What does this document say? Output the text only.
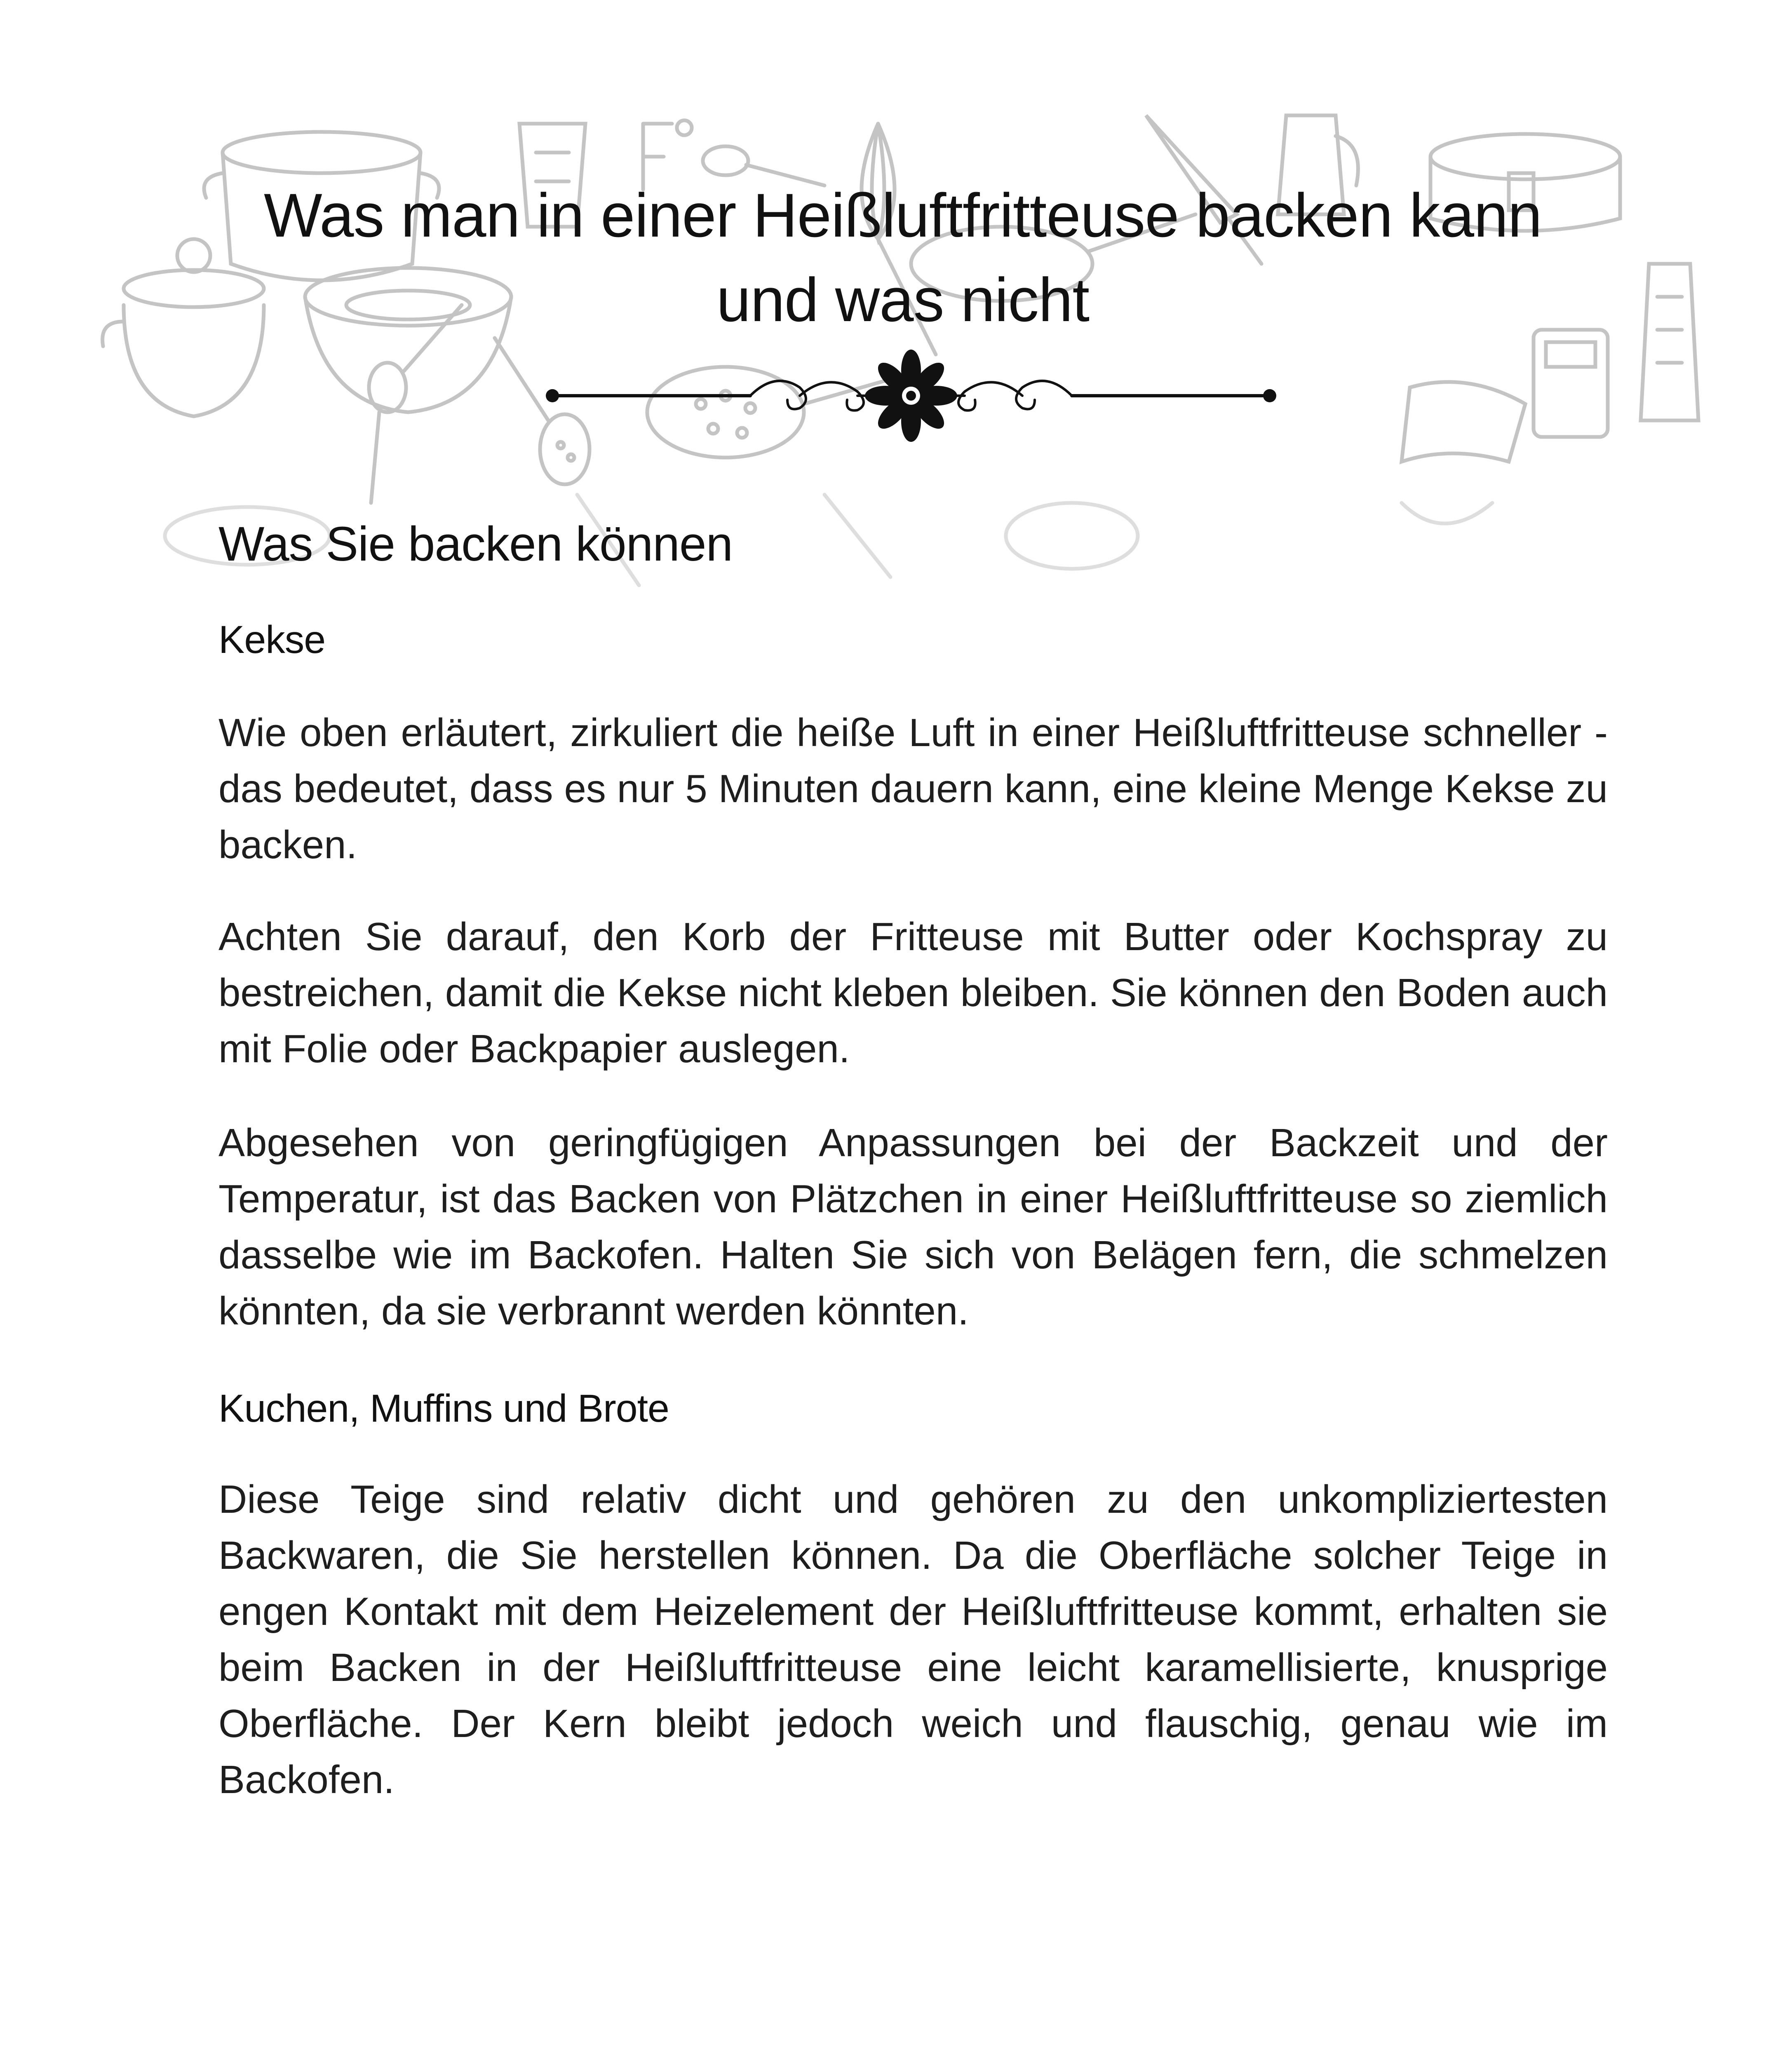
Was man in einer Heißluftfritteuse backen kann und was nicht
Was Sie backen können
Kekse

Wie oben erläutert, zirkuliert die heiße Luft in einer Heißluftfritteuse schneller - das bedeutet, dass es nur 5 Minuten dauern kann, eine kleine Menge Kekse zu backen.

Achten Sie darauf, den Korb der Fritteuse mit Butter oder Kochspray zu bestreichen, damit die Kekse nicht kleben bleiben. Sie können den Boden auch mit Folie oder Backpapier auslegen.

Abgesehen von geringfügigen Anpassungen bei der Backzeit und der Temperatur, ist das Backen von Plätzchen in einer Heißluftfritteuse so ziemlich dasselbe wie im Backofen. Halten Sie sich von Belägen fern, die schmelzen könnten, da sie verbrannt werden könnten.

Kuchen, Muffins und Brote

Diese Teige sind relativ dicht und gehören zu den unkompliziertesten Backwaren, die Sie herstellen können. Da die Oberfläche solcher Teige in engen Kontakt mit dem Heizelement der Heißluftfritteuse kommt, erhalten sie beim Backen in der Heißluftfritteuse eine leicht karamellisierte, knusprige Oberfläche. Der Kern bleibt jedoch weich und flauschig, genau wie im Backofen.
